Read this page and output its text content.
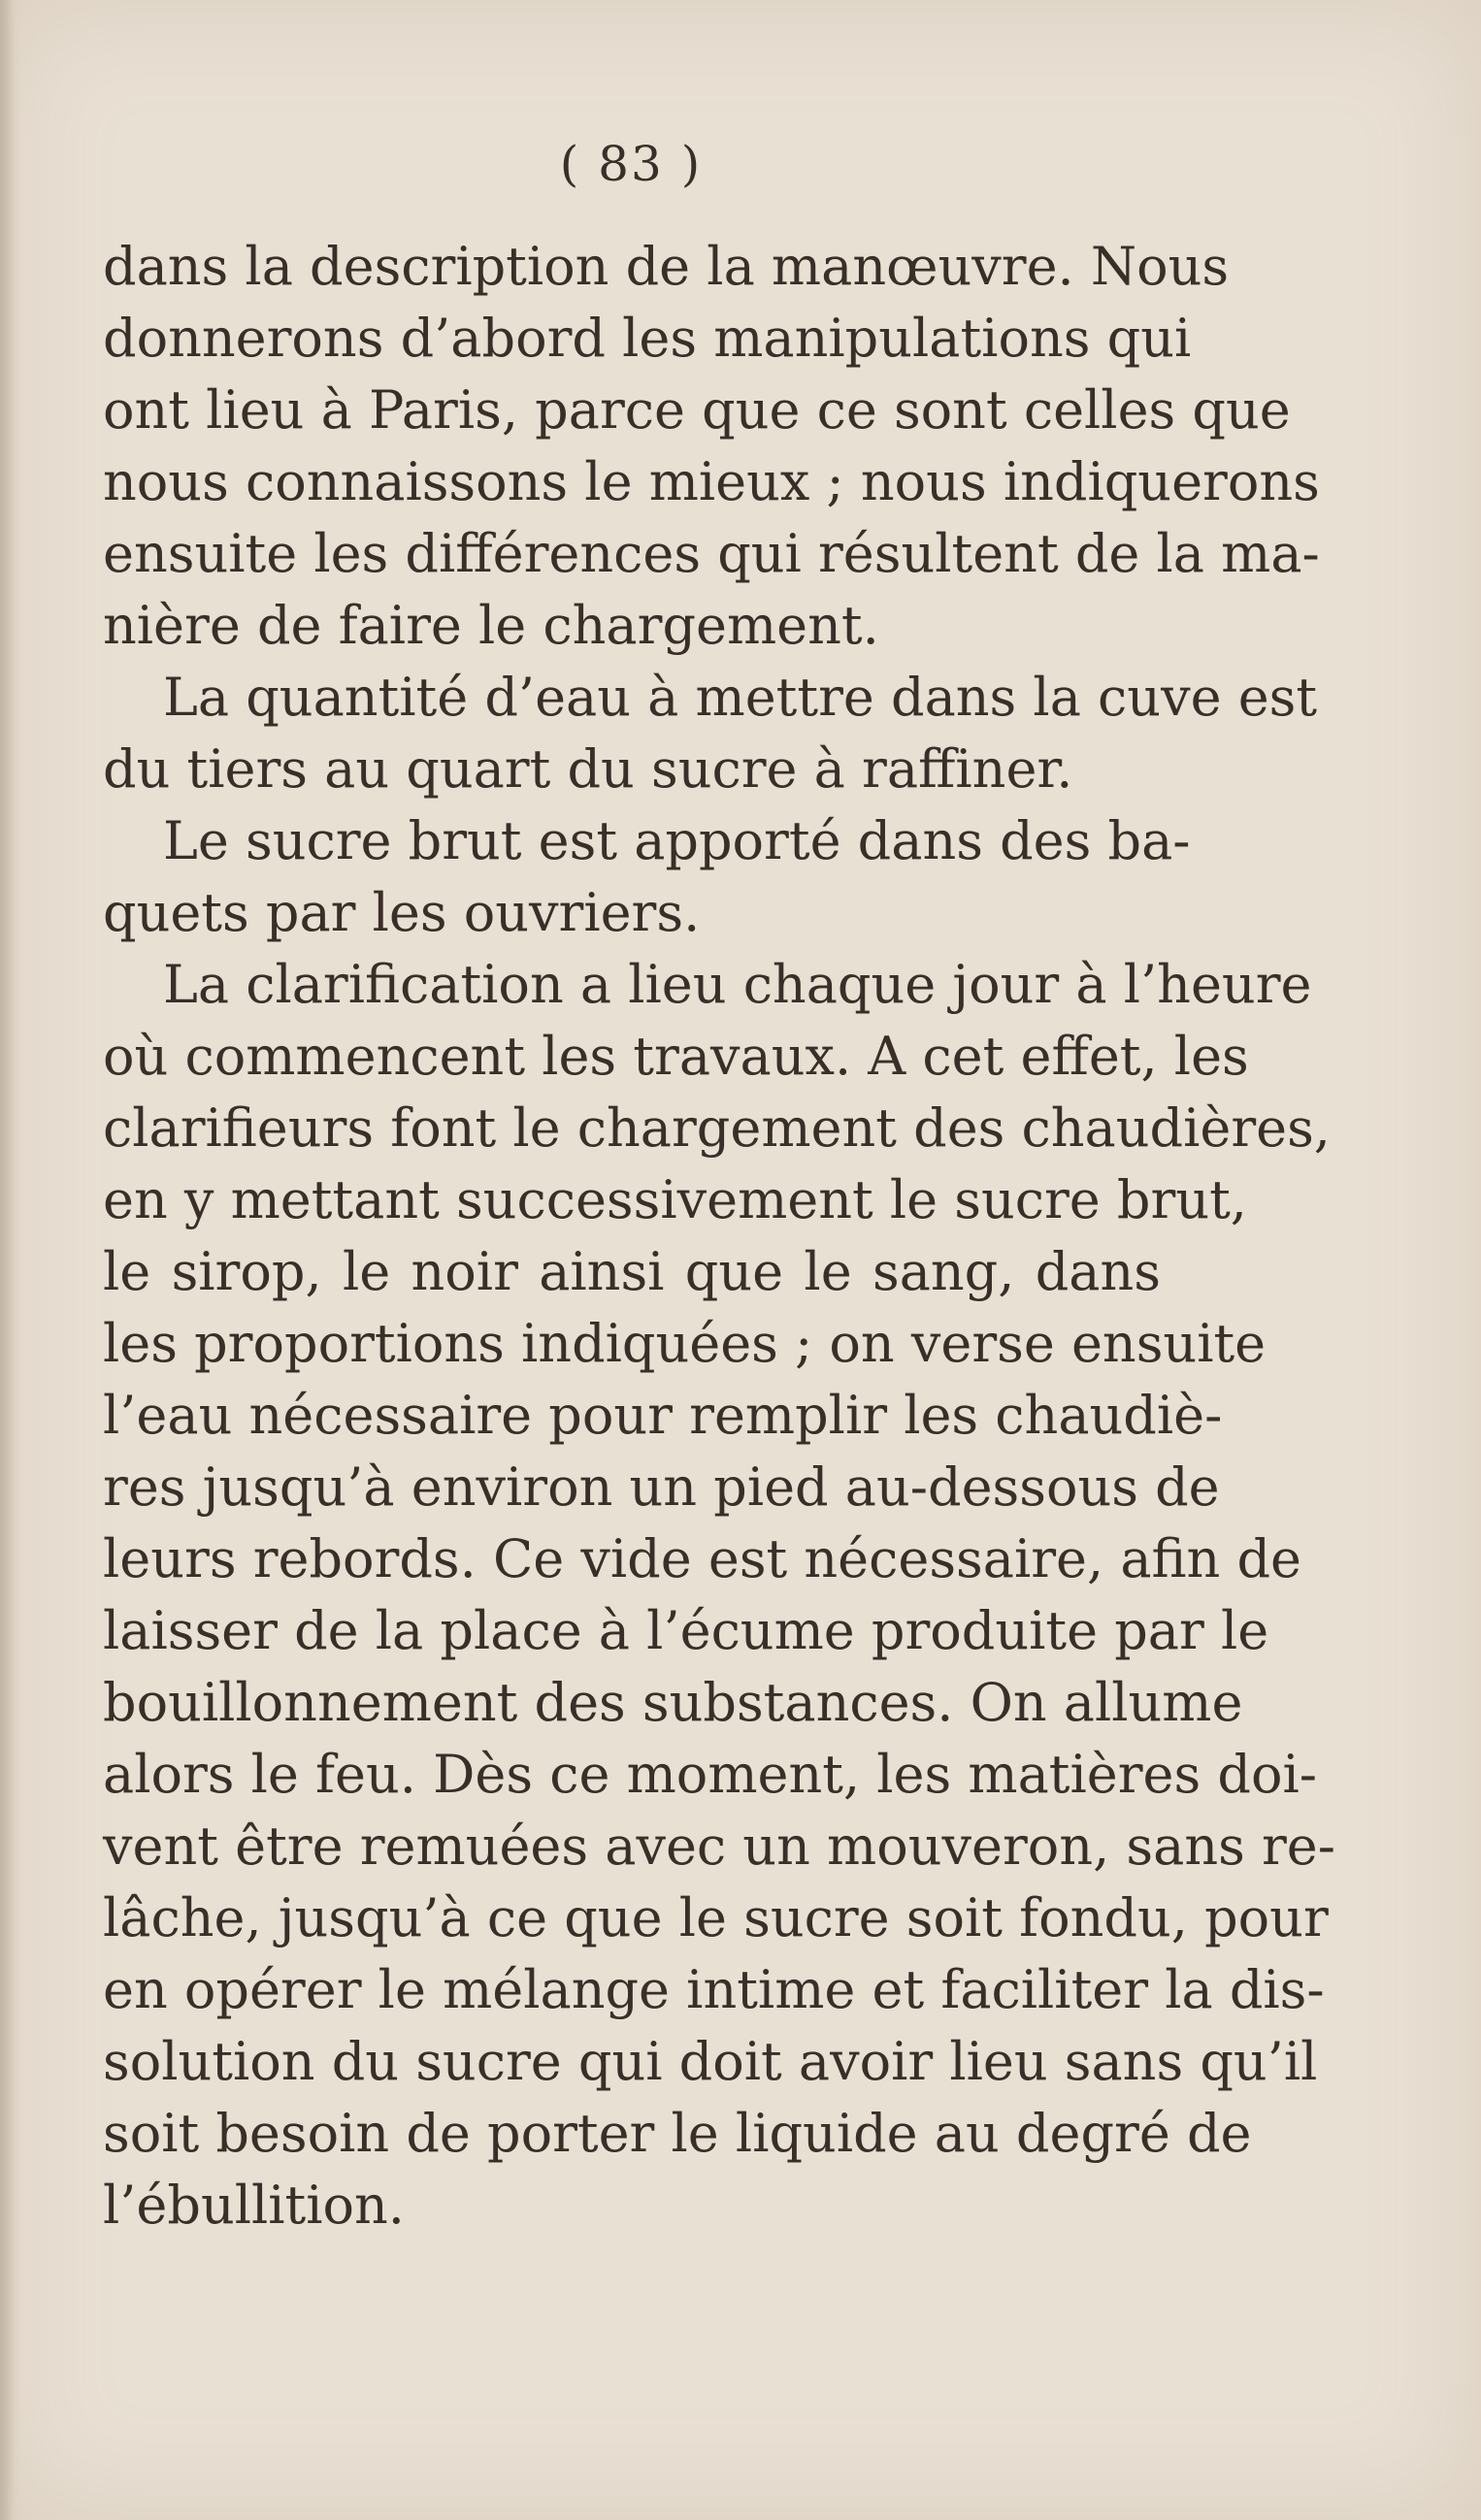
( 83 )
dans la description de la manœuvre. Nous
donnerons d’abord les manipulations qui
ont lieu à Paris, parce que ce sont celles que
nous connaissons le mieux ; nous indiquerons
ensuite les différences qui résultent de la ma-
nière de faire le chargement.
La quantité d’eau à mettre dans la cuve est
du tiers au quart du sucre à raffiner.
Le sucre brut est apporté dans des ba-
quets par les ouvriers.
La clarification a lieu chaque jour à l’heure
où commencent les travaux. A cet effet, les
clarifieurs font le chargement des chaudières,
en y mettant successivement le sucre brut,
le sirop, le noir ainsi que le sang, dans
les proportions indiquées ; on verse ensuite
l’eau nécessaire pour remplir les chaudiè-
res jusqu’à environ un pied au-dessous de
leurs rebords. Ce vide est nécessaire, afin de
laisser de la place à l’écume produite par le
bouillonnement des substances. On allume
alors le feu. Dès ce moment, les matières doi-
vent être remuées avec un mouveron, sans re-
lâche, jusqu’à ce que le sucre soit fondu, pour
en opérer le mélange intime et faciliter la dis-
solution du sucre qui doit avoir lieu sans qu’il
soit besoin de porter le liquide au degré de
l’ébullition.
